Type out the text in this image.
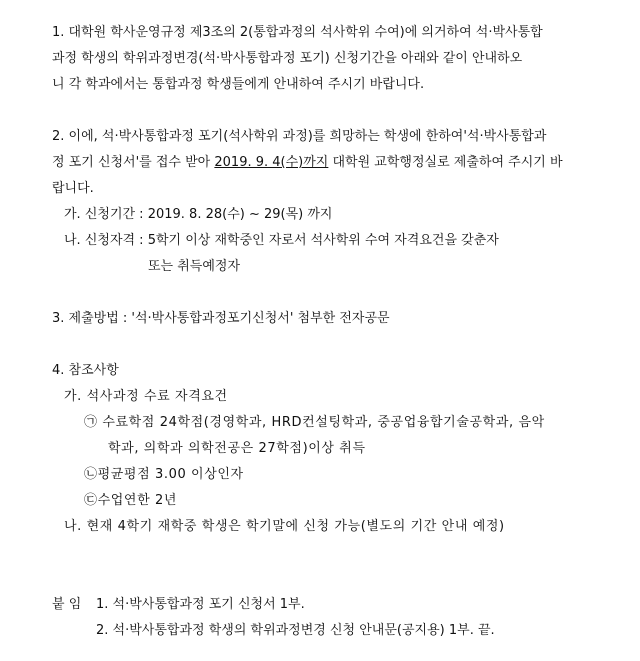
1. 대학원 학사운영규정 제3조의 2(통합과정의 석사학위 수여)에 의거하여 석·박사통합
과정 학생의 학위과정변경(석·박사통합과정 포기) 신청기간을 아래와 같이 안내하오
니 각 학과에서는 통합과정 학생들에게 안내하여 주시기 바랍니다.
2. 이에, 석·박사통합과정 포기(석사학위 과정)를 희망하는 학생에 한하여'석·박사통합과
정 포기 신청서'를 접수 받아 2019. 9. 4(수)까지 대학원 교학행정실로 제출하여 주시기 바
랍니다.
가. 신청기간 : 2019. 8. 28(수) ~ 29(목) 까지
나. 신청자격 : 5학기 이상 재학중인 자로서 석사학위 수여 자격요건을 갖춘자
또는 취득예정자
3. 제출방법 : '석·박사통합과정포기신청서' 첨부한 전자공문
4. 참조사항
가. 석사과정 수료 자격요건
㉠ 수료학점 24학점(경영학과, HRD컨설팅학과, 중공업융합기술공학과, 음악
학과, 의학과 의학전공은 27학점)이상 취득
㉡평균평점 3.00 이상인자
㉢수업연한 2년
나. 현재 4학기 재학중 학생은 학기말에 신청 가능(별도의 기간 안내 예정)
붙 임 1. 석·박사통합과정 포기 신청서 1부.
2. 석·박사통합과정 학생의 학위과정변경 신청 안내문(공지용) 1부. 끝.
